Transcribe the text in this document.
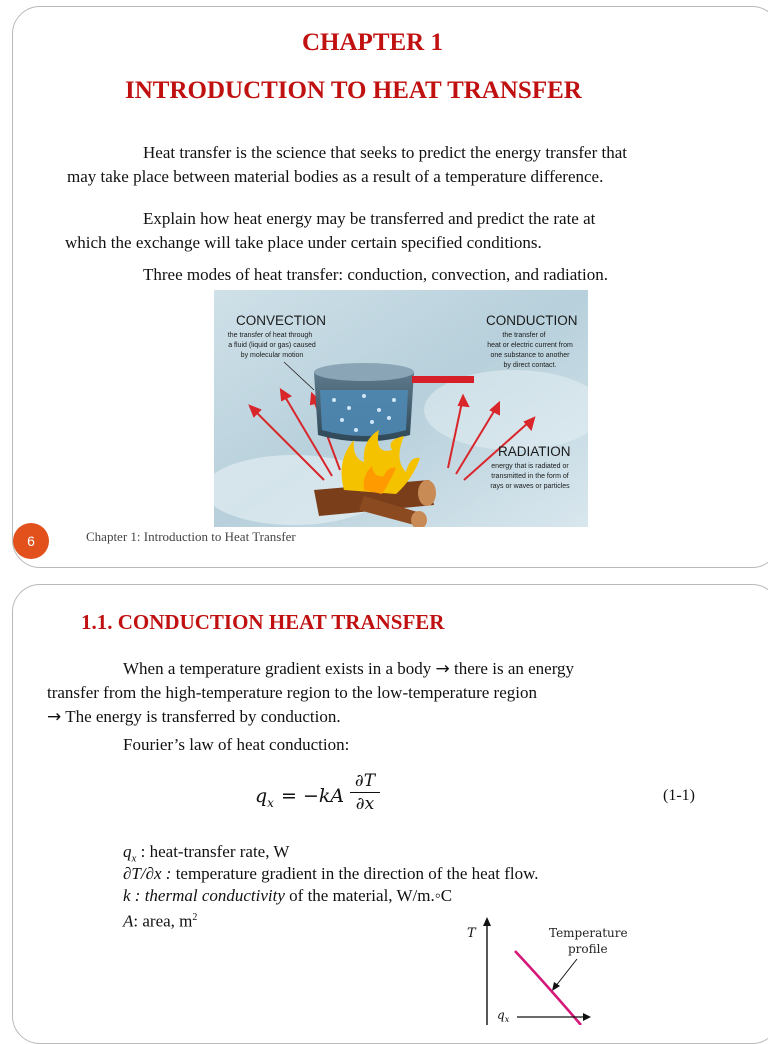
CHAPTER 1
INTRODUCTION TO HEAT TRANSFER
Heat transfer is the science that seeks to predict the energy transfer that
may take place between material bodies as a result of a temperature difference.
Explain how heat energy may be transferred and predict the rate at
which the exchange will take place under certain specified conditions.
Three modes of heat transfer: conduction, convection, and radiation.
CONVECTION
the transfer of heat through
a fluid (liquid or gas) caused
by molecular motion
CONDUCTION
the transfer of
heat or electric current from
one substance to another
by direct contact.
RADIATION
energy that is radiated or
transmitted in the form of
rays or waves or particles
6	Chapter 1: Introduction to Heat Transfer
1.1. CONDUCTION HEAT TRANSFER
When a temperature gradient exists in a body → there is an energy
transfer from the high-temperature region to the low-temperature region
→ The energy is transferred by conduction.
Fourier’s law of heat conduction:
$q_x = -kA$
∂T
∂x	(1-1)
$q_x$ : heat-transfer rate, W
∂T/∂x : temperature gradient in the direction of the heat flow.
k : thermal conductivity of the material, W/m.◦C
A: area, $m^2$
T	Temperature
profile
$q_x$
